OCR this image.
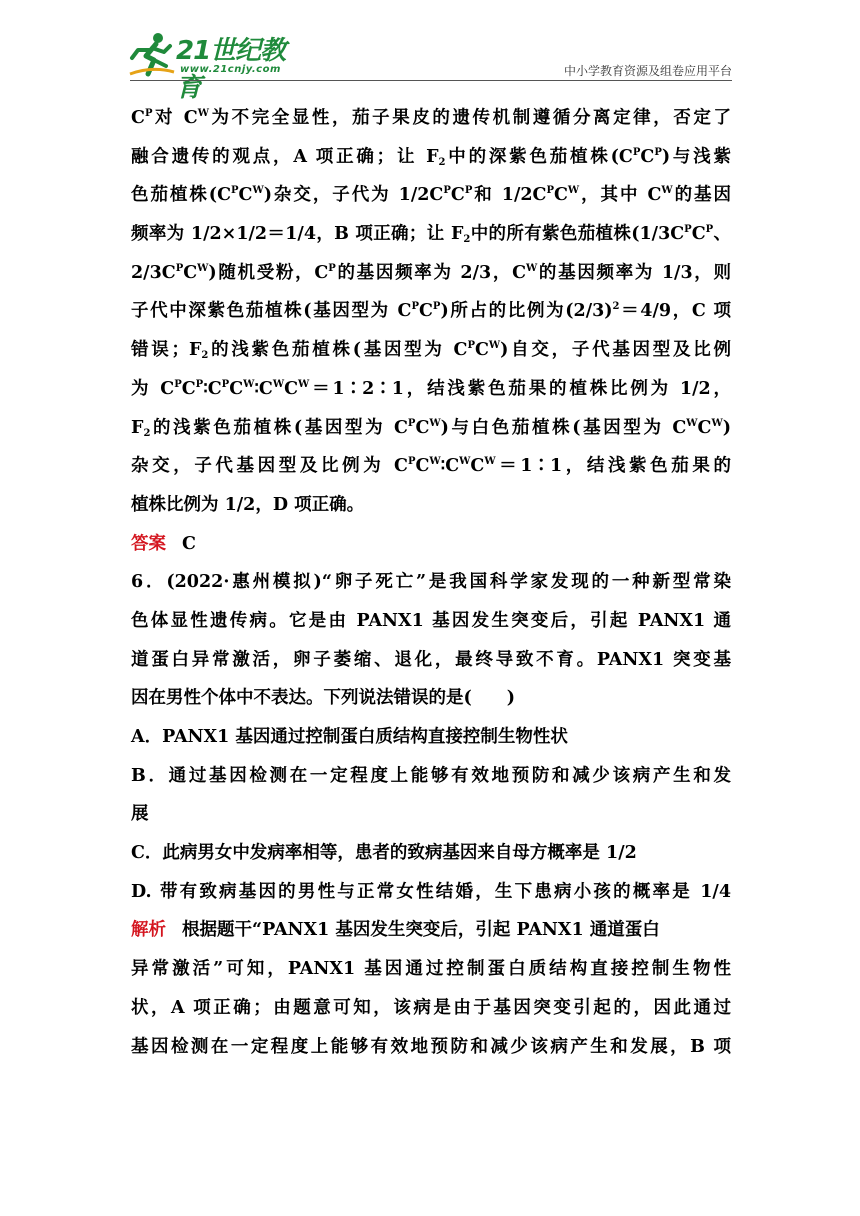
21世纪教育
www.21cnjy.com	中小学教育资源及组卷应用平台
$C^P$对 $C^W$为不完全显性，茄子果皮的遗传机制遵循分离定律，否定了
融合遗传的观点，A 项正确；让 $F_2$中的深紫色茄植株$(C^PC^P)$与浅紫
色茄植株$(C^PC^W)$杂交，子代为 $1/2C^PC^P$和 $1/2C^PC^W$，其中 $C^W$的基因
频率为 1/2×1/2＝1/4，B 项正确；让 $F_2$中的所有紫色茄植株($1/3C^PC^P$、
$2/3C^PC^W$)随机受粉，$C^P$的基因频率为 2/3，$C^W$的基因频率为 1/3，则
子代中深紫色茄植株(基因型为 $C^PC^P$)所占的比例为$(2/3)^2=4/9$，C 项
错误；$F_2$的浅紫色茄植株(基因型为 $C^PC^W$)自交，子代基因型及比例
为 $C^PC^P∶C^PC^W∶C^WC^W=1∶2∶1$，结浅紫色茄果的植株比例为 1/2，
$F_2$的浅紫色茄植株(基因型为 $C^PC^W$)与白色茄植株(基因型为 $C^WC^W$)
杂交，子代基因型及比例为 $C^PC^W∶C^WC^W=1∶1$，结浅紫色茄果的
植株比例为 1/2，D 项正确。
答案 C
6．(2022·惠州模拟)“卵子死亡”是我国科学家发现的一种新型常染
色体显性遗传病。它是由 PANX1 基因发生突变后，引起 PANX1 通
道蛋白异常激活，卵子萎缩、退化，最终导致不育。PANX1 突变基
因在男性个体中不表达。下列说法错误的是(　　)
A．PANX1 基因通过控制蛋白质结构直接控制生物性状
B．通过基因检测在一定程度上能够有效地预防和减少该病产生和发
展
C．此病男女中发病率相等，患者的致病基因来自母方概率是 1/2
D. 带有致病基因的男性与正常女性结婚，生下患病小孩的概率是 1/4
解析 根据题干“PANX1 基因发生突变后，引起 PANX1 通道蛋白
异常激活”可知，PANX1 基因通过控制蛋白质结构直接控制生物性
状，A 项正确；由题意可知，该病是由于基因突变引起的，因此通过
基因检测在一定程度上能够有效地预防和减少该病产生和发展，B 项
